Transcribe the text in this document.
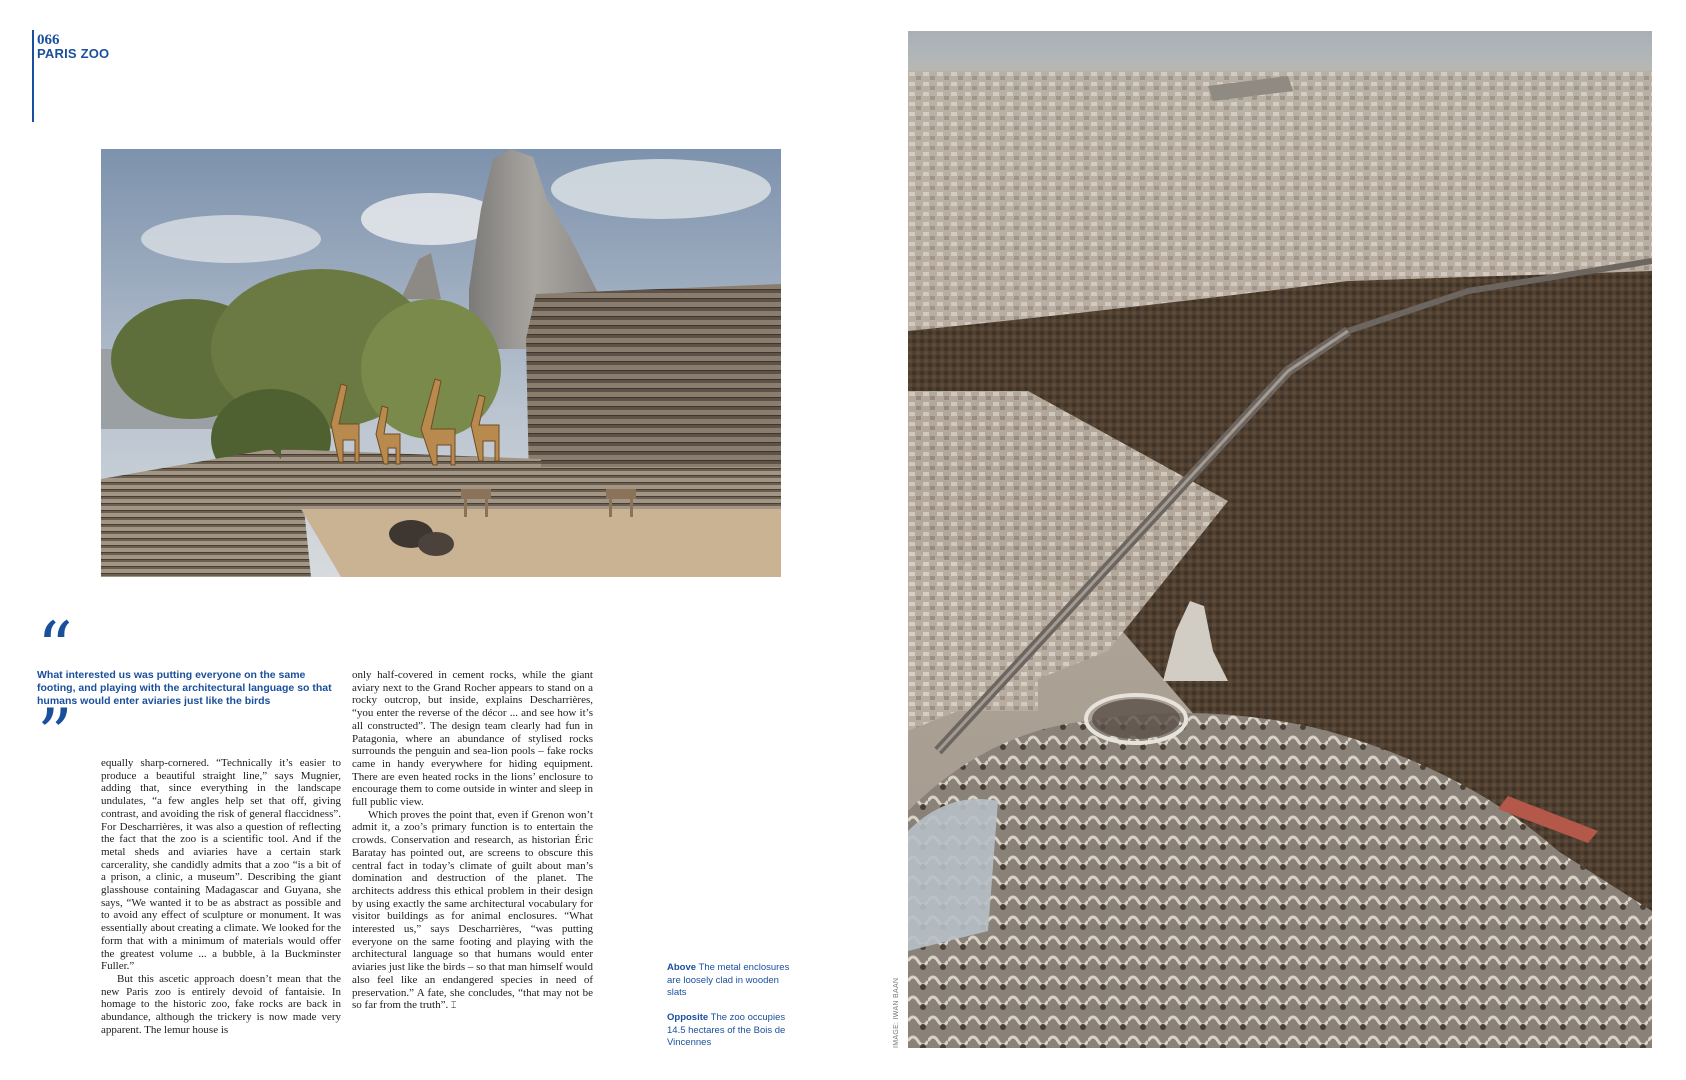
066
PARIS ZOO
“
What interested us was putting everyone on the same footing, and playing with the architectural language so that humans would enter aviaries just like the birds
”	equally sharp-cornered. “Technically it’s easier to produce a beautiful straight line,” says Mugnier, adding that, since everything in the landscape undulates, “a few angles help set that off, giving contrast, and avoiding the risk of general flaccidness”. For Descharrières, it was also a question of reflecting the fact that the zoo is a scientific tool. And if the metal sheds and aviaries have a certain stark carcerality, she candidly admits that a zoo “is a bit of a prison, a clinic, a museum”. Describing the giant glasshouse containing Madagascar and Guyana, she says, “We wanted it to be as abstract as possible and to avoid any effect of sculpture or monument. It was essentially about creating a climate. We looked for the form that with a minimum of materials would offer the greatest volume ... a bubble, à la Buckminster Fuller.”

But this ascetic approach doesn’t mean that the new Paris zoo is entirely devoid of fantaisie. In homage to the historic zoo, fake rocks are back in abundance, although the trickery is now made very apparent. The lemur house is

only half-covered in cement rocks, while the giant aviary next to the Grand Rocher appears to stand on a rocky outcrop, but inside, explains Descharrières, “you enter the reverse of the décor ... and see how it’s all constructed”. The design team clearly had fun in Patagonia, where an abundance of stylised rocks surrounds the penguin and sea-lion pools – fake rocks came in handy everywhere for hiding equipment. There are even heated rocks in the lions’ enclosure to encourage them to come outside in winter and sleep in full public view.

Which proves the point that, even if Grenon won’t admit it, a zoo’s primary function is to entertain the crowds. Conservation and research, as historian Éric Baratay has pointed out, are screens to obscure this central fact in today’s climate of guilt about man’s domination and destruction of the planet. The architects address this ethical problem in their design by using exactly the same architectural vocabulary for visitor buildings as for animal enclosures. “What interested us,” says Descharrières, “was putting everyone on the same footing and playing with the architectural language so that humans would enter aviaries just like the birds – so that man himself would also feel like an endangered species in need of preservation.” A fate, she concludes, “that may not be so far from the truth”. ⌶

Above The metal enclosures are loosely clad in wooden slats
Opposite The zoo occupies 14.5 hectares of the Bois de Vincennes	IMAGE: IWAN BAAN
